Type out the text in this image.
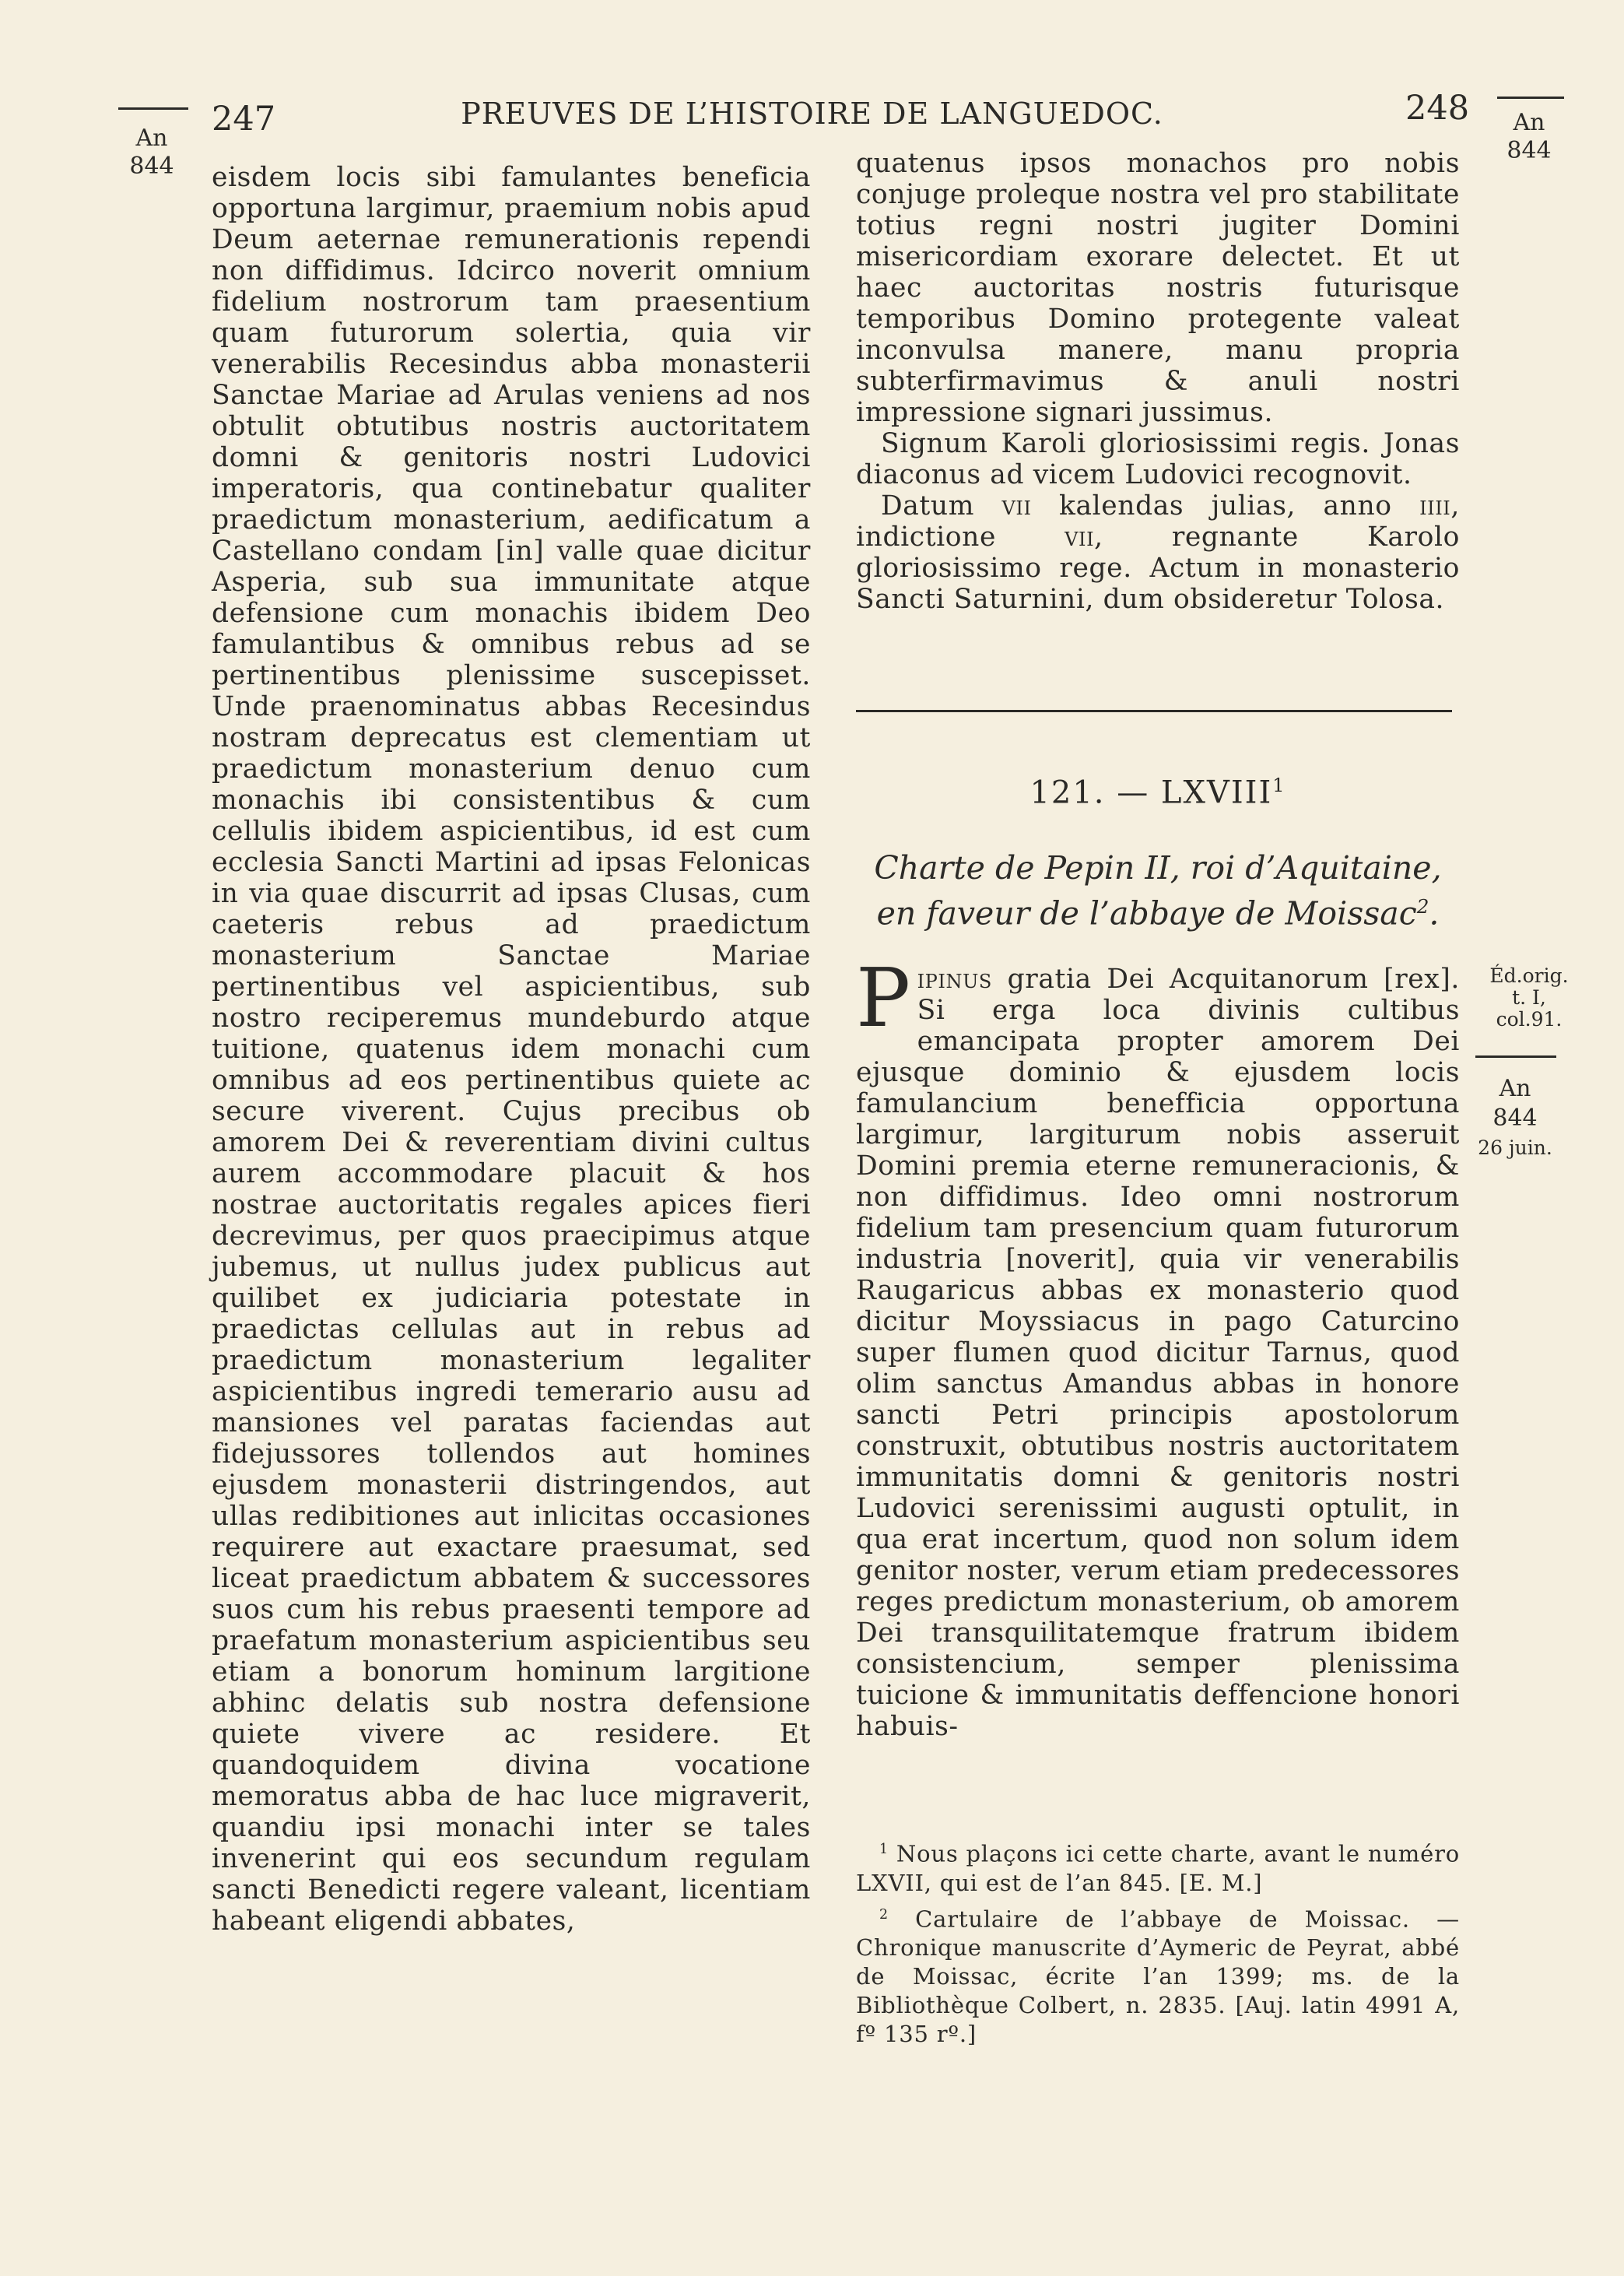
247	PREUVES DE L’HISTOIRE DE LANGUEDOC.	248
An
844
An
844
Éd.orig.
t. I,
col.91.
An
844
26 juin.

eisdem locis sibi famulantes beneficia opportuna largimur, praemium nobis apud Deum aeternae remunerationis rependi non diffidimus. Idcirco noverit omnium fidelium nostrorum tam praesentium quam futurorum solertia, quia vir venerabilis Recesindus abba monasterii Sanctae Mariae ad Arulas veniens ad nos obtulit obtutibus nostris auctoritatem domni & genitoris nostri Ludovici imperatoris, qua continebatur qualiter praedictum monasterium, aedificatum a Castellano condam [in] valle quae dicitur Asperia, sub sua immunitate atque defensione cum monachis ibidem Deo famulantibus & omnibus rebus ad se pertinentibus plenissime suscepisset. Unde praenominatus abbas Recesindus nostram deprecatus est clementiam ut praedictum monasterium denuo cum monachis ibi consistentibus & cum cellulis ibidem aspicientibus, id est cum ecclesia Sancti Martini ad ipsas Felonicas in via quae discurrit ad ipsas Clusas, cum caeteris rebus ad praedictum monasterium Sanctae Mariae pertinentibus vel aspicientibus, sub nostro reciperemus mundeburdo atque tuitione, quatenus idem monachi cum omnibus ad eos pertinentibus quiete ac secure viverent. Cujus precibus ob amorem Dei & reverentiam divini cultus aurem accommodare placuit & hos nostrae auctoritatis regales apices fieri decrevimus, per quos praecipimus atque jubemus, ut nullus judex publicus aut quilibet ex judiciaria potestate in praedictas cellulas aut in rebus ad praedictum monasterium legaliter aspicientibus ingredi temerario ausu ad mansiones vel paratas faciendas aut fidejussores tollendos aut homines ejusdem monasterii distringendos, aut ullas redibitiones aut inlicitas occasiones requirere aut exactare praesumat, sed liceat praedictum abbatem & successores suos cum his rebus praesenti tempore ad praefatum monasterium aspicientibus seu etiam a bonorum hominum largitione abhinc delatis sub nostra defensione quiete vivere ac residere. Et quandoquidem divina vocatione memoratus abba de hac luce migraverit, quandiu ipsi monachi inter se tales invenerint qui eos secundum regulam sancti Benedicti regere valeant, licentiam habeant eligendi abbates,

quatenus ipsos monachos pro nobis conjuge proleque nostra vel pro stabilitate totius regni nostri jugiter Domini misericordiam exorare delectet. Et ut haec auctoritas nostris futurisque temporibus Domino protegente valeat inconvulsa manere, manu propria subterfirmavimus & anuli nostri impressione signari jussimus.

Signum Karoli gloriosissimi regis. Jonas diaconus ad vicem Ludovici recognovit.

Datum vii kalendas julias, anno iiii, indictione	vii, regnante Karolo gloriosissimo rege. Actum in monasterio Sancti Saturnini, dum obsideretur Tolosa.

121. — LXVIII$^1$
Charte de Pepin II, roi d’Aquitaine,
en faveur de l’abbaye de Moissac$^2$.

Pipinus gratia Dei Acquitanorum [rex]. Si erga loca divinis cultibus emancipata propter amorem Dei ejusque dominio & ejusdem locis famulancium benefficia opportuna largimur, largiturum nobis asseruit Domini premia eterne remuneracionis, & non diffidimus. Ideo omni nostrorum fidelium tam presencium quam futurorum industria [noverit], quia vir venerabilis Raugaricus abbas ex monasterio quod dicitur Moyssiacus in pago Caturcino super flumen quod dicitur Tarnus, quod olim sanctus Amandus abbas in honore sancti Petri principis apostolorum construxit, obtutibus nostris auctoritatem immunitatis domni & genitoris nostri Ludovici serenissimi augusti optulit, in qua erat incertum, quod non solum idem genitor noster, verum etiam predecessores reges predictum monasterium, ob amorem Dei transquilitatemque fratrum ibidem consistencium, semper plenissima tuicione & immunitatis deffencione honori habuis-

$^1$ Nous plaçons ici cette charte, avant le numéro LXVII, qui est de l’an 845. [E. M.]

$^2$ Cartulaire de l’abbaye de Moissac. — Chronique manuscrite d’Aymeric de Peyrat, abbé de Moissac, écrite l’an 1399; ms. de la Bibliothèque Colbert, n. 2835. [Auj. latin 4991 A, fº 135 rº.]
